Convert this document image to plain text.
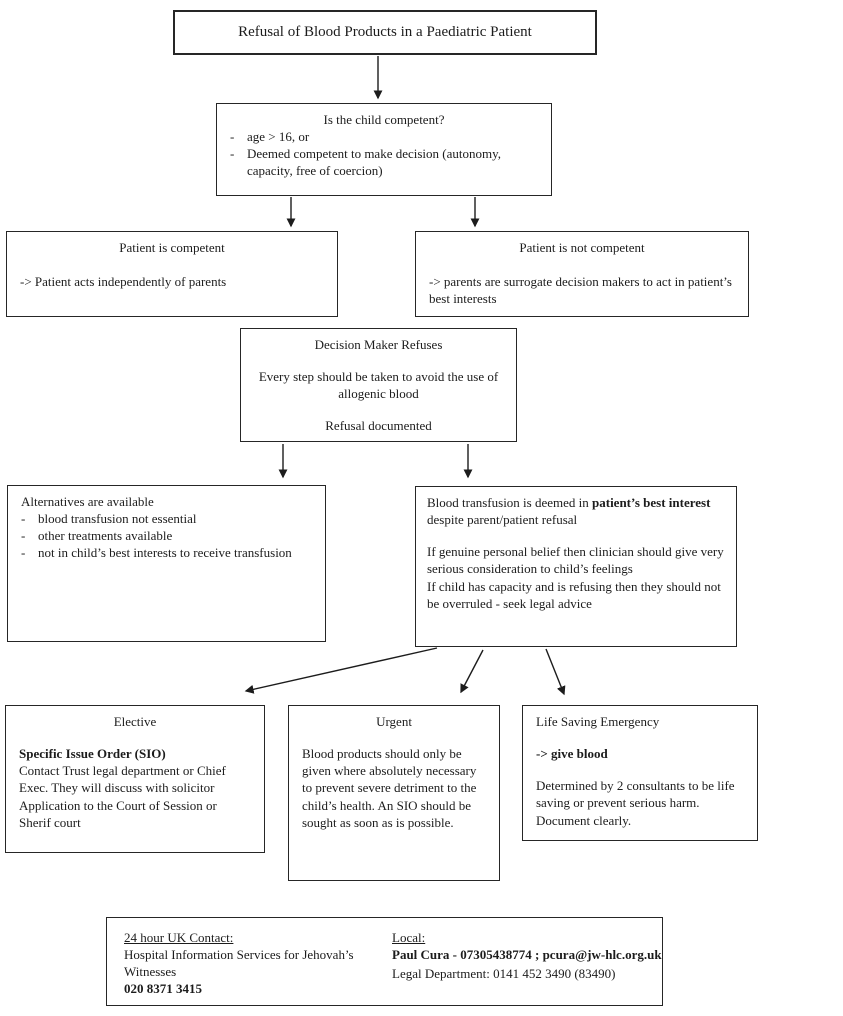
Refusal of Blood Products in a Paediatric Patient
Is the child competent?
- age > 16, or
- Deemed competent to make decision (autonomy, capacity, free of coercion)
Patient is competent
-> Patient acts independently of parents
Patient is not competent
-> parents are surrogate decision makers to act in patient’s best interests
Decision Maker Refuses
Every step should be taken to avoid the use of allogenic blood
Refusal documented
Alternatives are available
- blood transfusion not essential
- other treatments available
- not in child’s best interests to receive transfusion
Blood transfusion is deemed in patient’s best interest despite parent/patient refusal
If genuine personal belief then clinician should give very serious consideration to child’s feelings
If child has capacity and is refusing then they should not be overruled - seek legal advice
Elective
Specific Issue Order (SIO)
Contact Trust legal department or Chief Exec. They will discuss with solicitor Application to the Court of Session or Sherif court
Urgent
Blood products should only be given where absolutely necessary to prevent severe detriment to the child’s health. An SIO should be sought as soon as is possible.
Life Saving Emergency
-> give blood
Determined by 2 consultants to be life saving or prevent serious harm. Document clearly.
24 hour UK Contact:
Hospital Information Services for Jehovah’s Witnesses
020 8371 3415
Local:
Paul Cura - 07305438774 ; pcura@jw-hlc.org.uk
Legal Department: 0141 452 3490 (83490)
